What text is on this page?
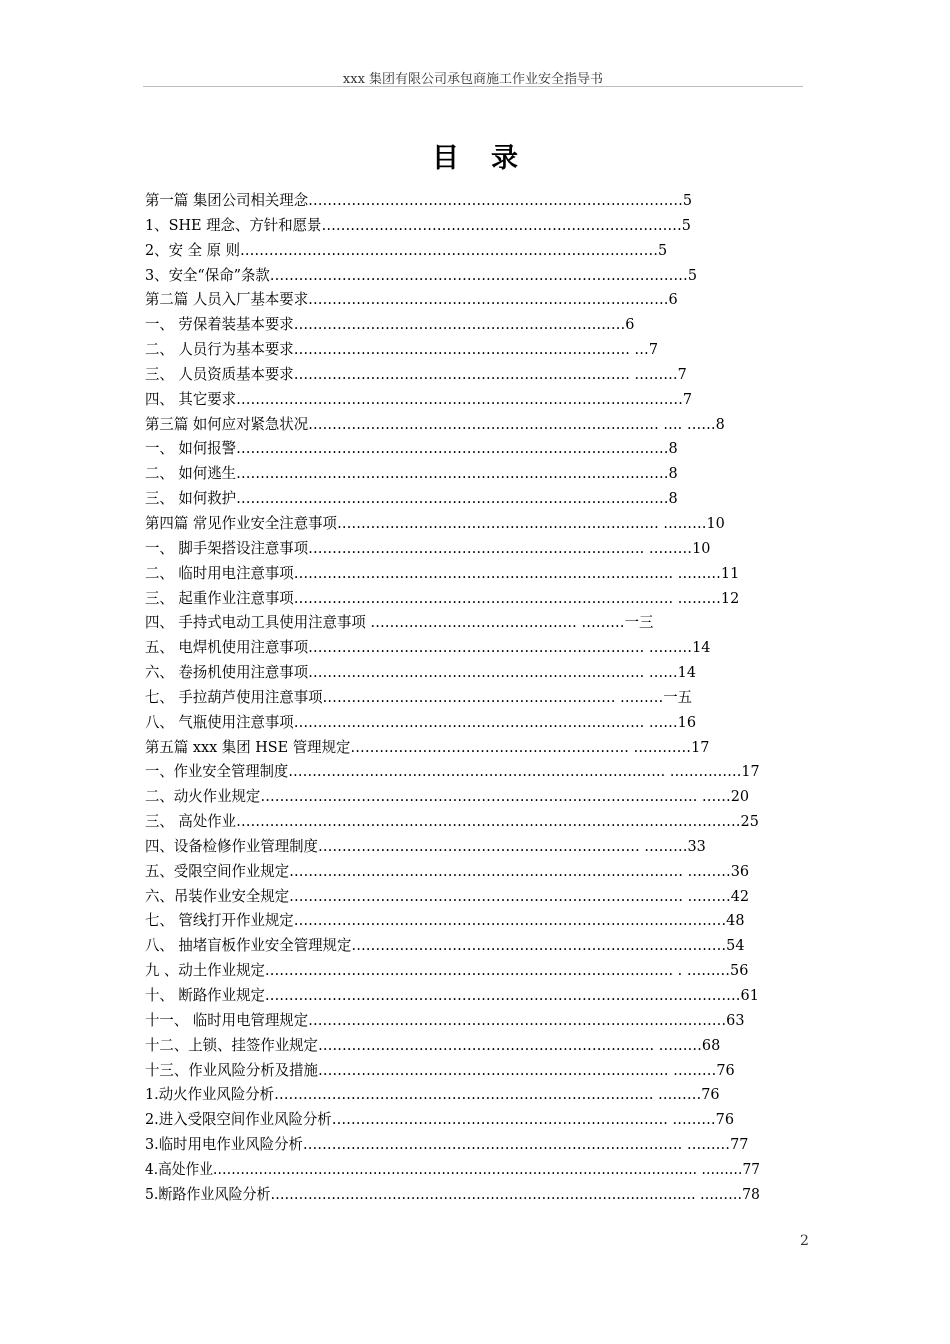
xxx 集团有限公司承包商施工作业安全指导书
目录
第一篇 集团公司相关理念……………………………………………………………………5
1、SHE 理念、方针和愿景…………………………………………………………………5
2、安 全 原 则……………………………………………………………………………5
3、安全“保命”条款……………………………………………………………………………5
第二篇 人员入厂基本要求…………………………………………………………………6
一、 劳保着装基本要求……………………………………………………………6
二、 人员行为基本要求……………………………………………………………. …7
三、 人员资质基本要求……………………………………………………………. ………7
四、 其它要求…………………………………………………………………………………7
第三篇 如何应对紧急状况………………………………………………………………. …. ……8
一、 如何报警………………………………………………………………………………8
二、 如何逃生………………………………………………………………………………8
三、 如何救护………………………………………………………………………………8
第四篇 常见作业安全注意事项…………………………………………………………. ………10
一、 脚手架搭设注意事项……………………………………………………………. ………10
二、 临时用电注意事项……………………………………………………………………. ………11
三、 起重作业注意事项……………………………………………………………………. ………12
四、 手持式电动工具使用注意事项 ……………………………………. ………一三
五、 电焊机使用注意事项……………………………………………………………. ………14
六、 卷扬机使用注意事项……………………………………………………………. ……14
七、 手拉葫芦使用注意事项……………………………………………………. ………一五
八、 气瓶使用注意事项………………………………………………………………. ……16
第五篇 xxx 集团 HSE 管理规定…………………………………………………. …………17
一、作业安全管理制度……………………………………………………………………. ……………17
二、动火作业规定………………………………………………………………………………. ……20
三、 高处作业……………………………………………………………………………………………25
四、设备检修作业管理制度…………………………………………………………. ………33
五、受限空间作业规定………………………………………………………………………. ………36
六、吊装作业安全规定………………………………………………………………………. ………42
七、 管线打开作业规定………………………………………………………………………………48
八、 抽堵盲板作业安全管理规定……………………………………………………………………54
九 、动土作业规定…………………………………………………………………………. . ………56
十、 断路作业规定………………………………………………………………………………………61
十一、 临时用电管理规定……………………………………………………………………………63
十二、上锁、挂签作业规定……………………………………………………………. ………68
十三、作业风险分析及措施………………………………………………………………. ………76
1.动火作业风险分析……………………………………………………………………. ………76
2.进入受限空间作业风险分析……………………………………………………………. ………76
3.临时用电作业风险分析……………………………………………………………………. ………77
4.高处作业……………………………………………………………………………………………. ………77
5.断路作业风险分析………………………………………………………………………………. ………78
2
